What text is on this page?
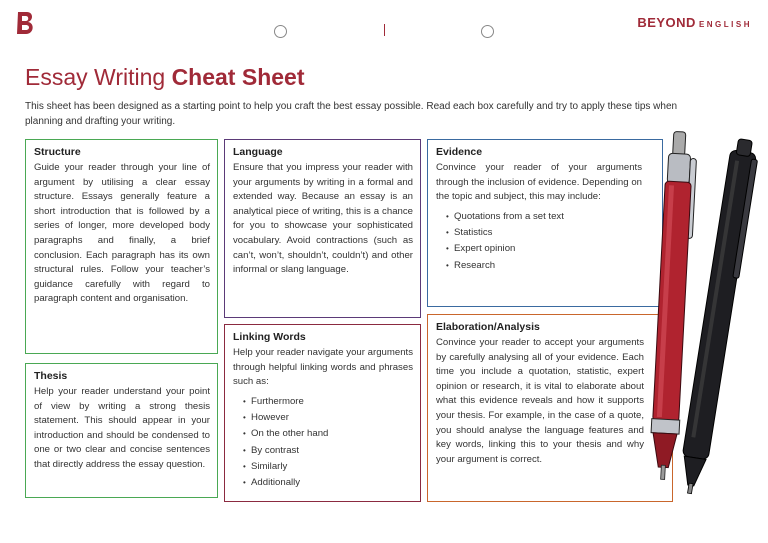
BEYOND ENGLISH
Essay Writing Cheat Sheet

This sheet has been designed as a starting point to help you craft the best essay possible. Read each box carefully and try to apply these tips when planning and drafting your writing.

Structure

Guide your reader through your line of argument by utilising a clear essay structure. Essays generally feature a short introduction that is followed by a series of longer, more developed body paragraphs and finally, a brief conclusion. Each paragraph has its own structural rules. Follow your teacher’s guidance carefully with regard to paragraph content and organisation.

Thesis

Help your reader understand your point of view by writing a strong thesis statement. This should appear in your introduction and should be condensed to one or two clear and concise sentences that directly address the essay question.

Language

Ensure that you impress your reader with your arguments by writing in a formal and extended way. Because an essay is an analytical piece of writing, this is a chance for you to showcase your sophisticated vocabulary. Avoid contractions (such as can’t, won’t, shouldn’t, couldn’t) and other informal or slang language.

Linking Words

Help your reader navigate your arguments through helpful linking words and phrases such as:

• Furthermore
• However
• On the other hand
• By contrast
• Similarly
• Additionally
Evidence

Convince your reader of your arguments through the inclusion of evidence. Depending on the topic and subject, this may include:

• Quotations from a set text
• Statistics
• Expert opinion
• Research
Elaboration/Analysis

Convince your reader to accept your arguments by carefully analysing all of your evidence. Each time you include a quotation, statistic, expert opinion or research, it is vital to elaborate about what this evidence reveals and how it supports your thesis. For example, in the case of a quote, you should analyse the language features and key words, linking this to your thesis and why your argument is correct.
